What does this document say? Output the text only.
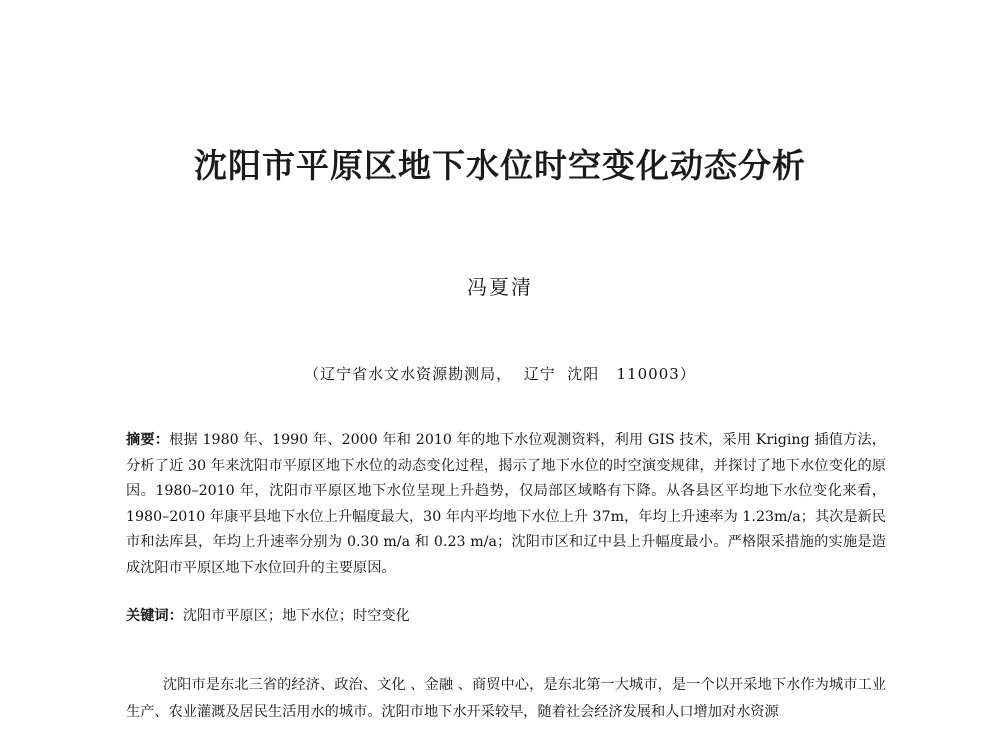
沈阳市平原区地下水位时空变化动态分析
冯夏清
（辽宁省水文水资源勘测局，  辽宁  沈阳   110003）

摘要：根据 1980 年、1990 年、2000 年和 2010 年的地下水位观测资料，利用 GIS 技术，采用 Kriging 插值方法，分析了近 30 年来沈阳市平原区地下水位的动态变化过程，揭示了地下水位的时空演变规律，并探讨了地下水位变化的原因。1980–2010 年，沈阳市平原区地下水位呈现上升趋势，仅局部区域略有下降。从各县区平均地下水位变化来看，1980–2010 年康平县地下水位上升幅度最大，30 年内平均地下水位上升 37m，年均上升速率为 1.23m/a；其次是新民市和法库县，年均上升速率分别为 0.30 m/a 和 0.23 m/a；沈阳市区和辽中县上升幅度最小。严格限采措施的实施是造成沈阳市平原区地下水位回升的主要原因。

关键词：沈阳市平原区；地下水位；时空变化

沈阳市是东北三省的经济、政治、文化 、金融 、商贸中心，是东北第一大城市，是一个以开采地下水作为城市工业生产、农业灌溉及居民生活用水的城市。沈阳市地下水开采较早，随着社会经济发展和人口增加对水资源
